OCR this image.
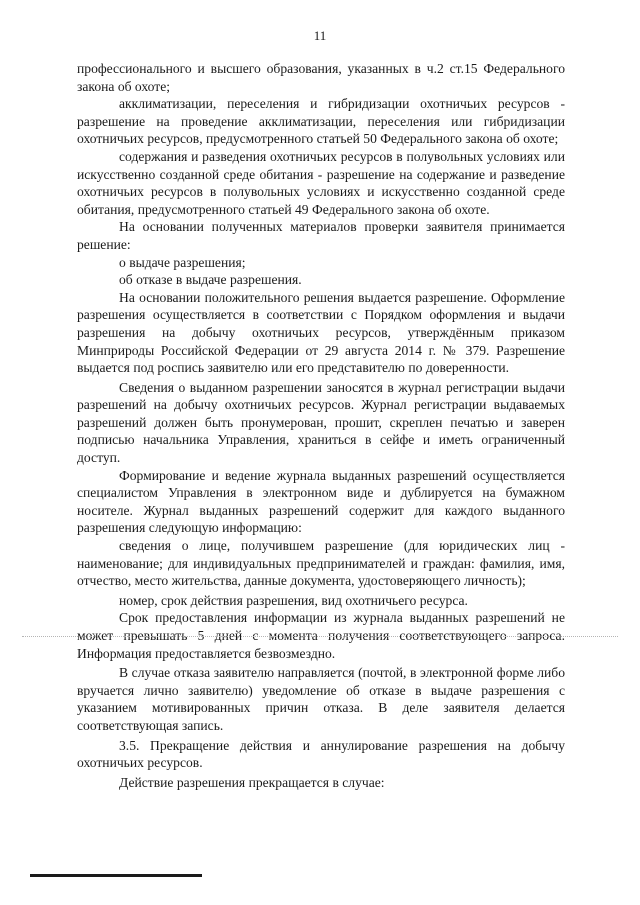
11

профессионального и высшего образования, указанных в ч.2 ст.15 Федерального закона об охоте;

акклиматизации, переселения и гибридизации охотничьих ресурсов - разрешение на проведение акклиматизации, переселения или гибридизации охотничьих ресурсов, предусмотренного статьей 50 Федерального закона об охоте;

содержания и разведения охотничьих ресурсов в полувольных условиях или искусственно созданной среде обитания - разрешение на содержание и разведение охотничьих ресурсов в полувольных условиях и искусственно созданной среде обитания, предусмотренного статьей 49 Федерального закона об охоте.

На основании полученных материалов проверки заявителя принимается решение:

о выдаче разрешения;

об отказе в выдаче разрешения.

На основании положительного решения выдается разрешение. Оформление разрешения осуществляется в соответствии с Порядком оформления и выдачи разрешения на добычу охотничьих ресурсов, утверждённым приказом Минприроды Российской Федерации от 29 августа 2014 г. № 379. Разрешение выдается под роспись заявителю или его представителю по доверенности.

Сведения о выданном разрешении заносятся в журнал регистрации выдачи разрешений на добычу охотничьих ресурсов. Журнал регистрации выдаваемых разрешений должен быть пронумерован, прошит, скреплен печатью и заверен подписью начальника Управления, храниться в сейфе и иметь ограниченный доступ.

Формирование и ведение журнала выданных разрешений осуществляется специалистом Управления в электронном виде и дублируется на бумажном носителе. Журнал выданных разрешений содержит для каждого выданного разрешения следующую информацию:

сведения о лице, получившем разрешение (для юридических лиц - наименование; для индивидуальных предпринимателей и граждан: фамилия, имя, отчество, место жительства, данные документа, удостоверяющего личность);

номер, срок действия разрешения, вид охотничьего ресурса.

Срок предоставления информации из журнала выданных разрешений не может превышать 5 дней с момента получения соответствующего запроса. Информация предоставляется безвозмездно.

В случае отказа заявителю направляется (почтой, в электронной форме либо вручается лично заявителю) уведомление об отказе в выдаче разрешения с указанием мотивированных причин отказа. В деле заявителя делается соответствующая запись.

3.5. Прекращение действия и аннулирование разрешения на добычу охотничьих ресурсов.

Действие разрешения прекращается в случае:
